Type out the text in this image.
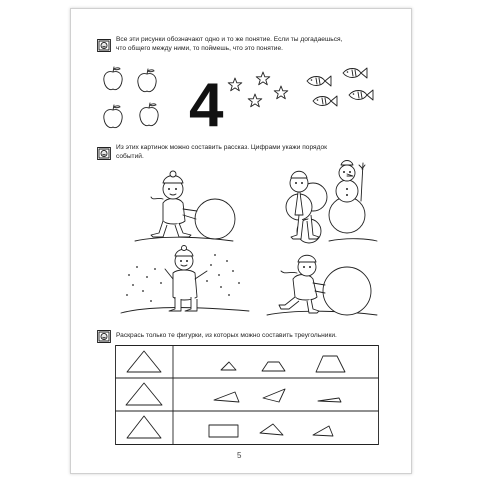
Все эти рисунки обозначают одно и то же понятие. Если ты догадаешься,
что общего между ними, то поймешь, что это понятие.
4
Из этих картинок можно составить рассказ. Цифрами укажи порядок
событий.
Раскрась только те фигурки, из которых можно составить треугольники.
5
